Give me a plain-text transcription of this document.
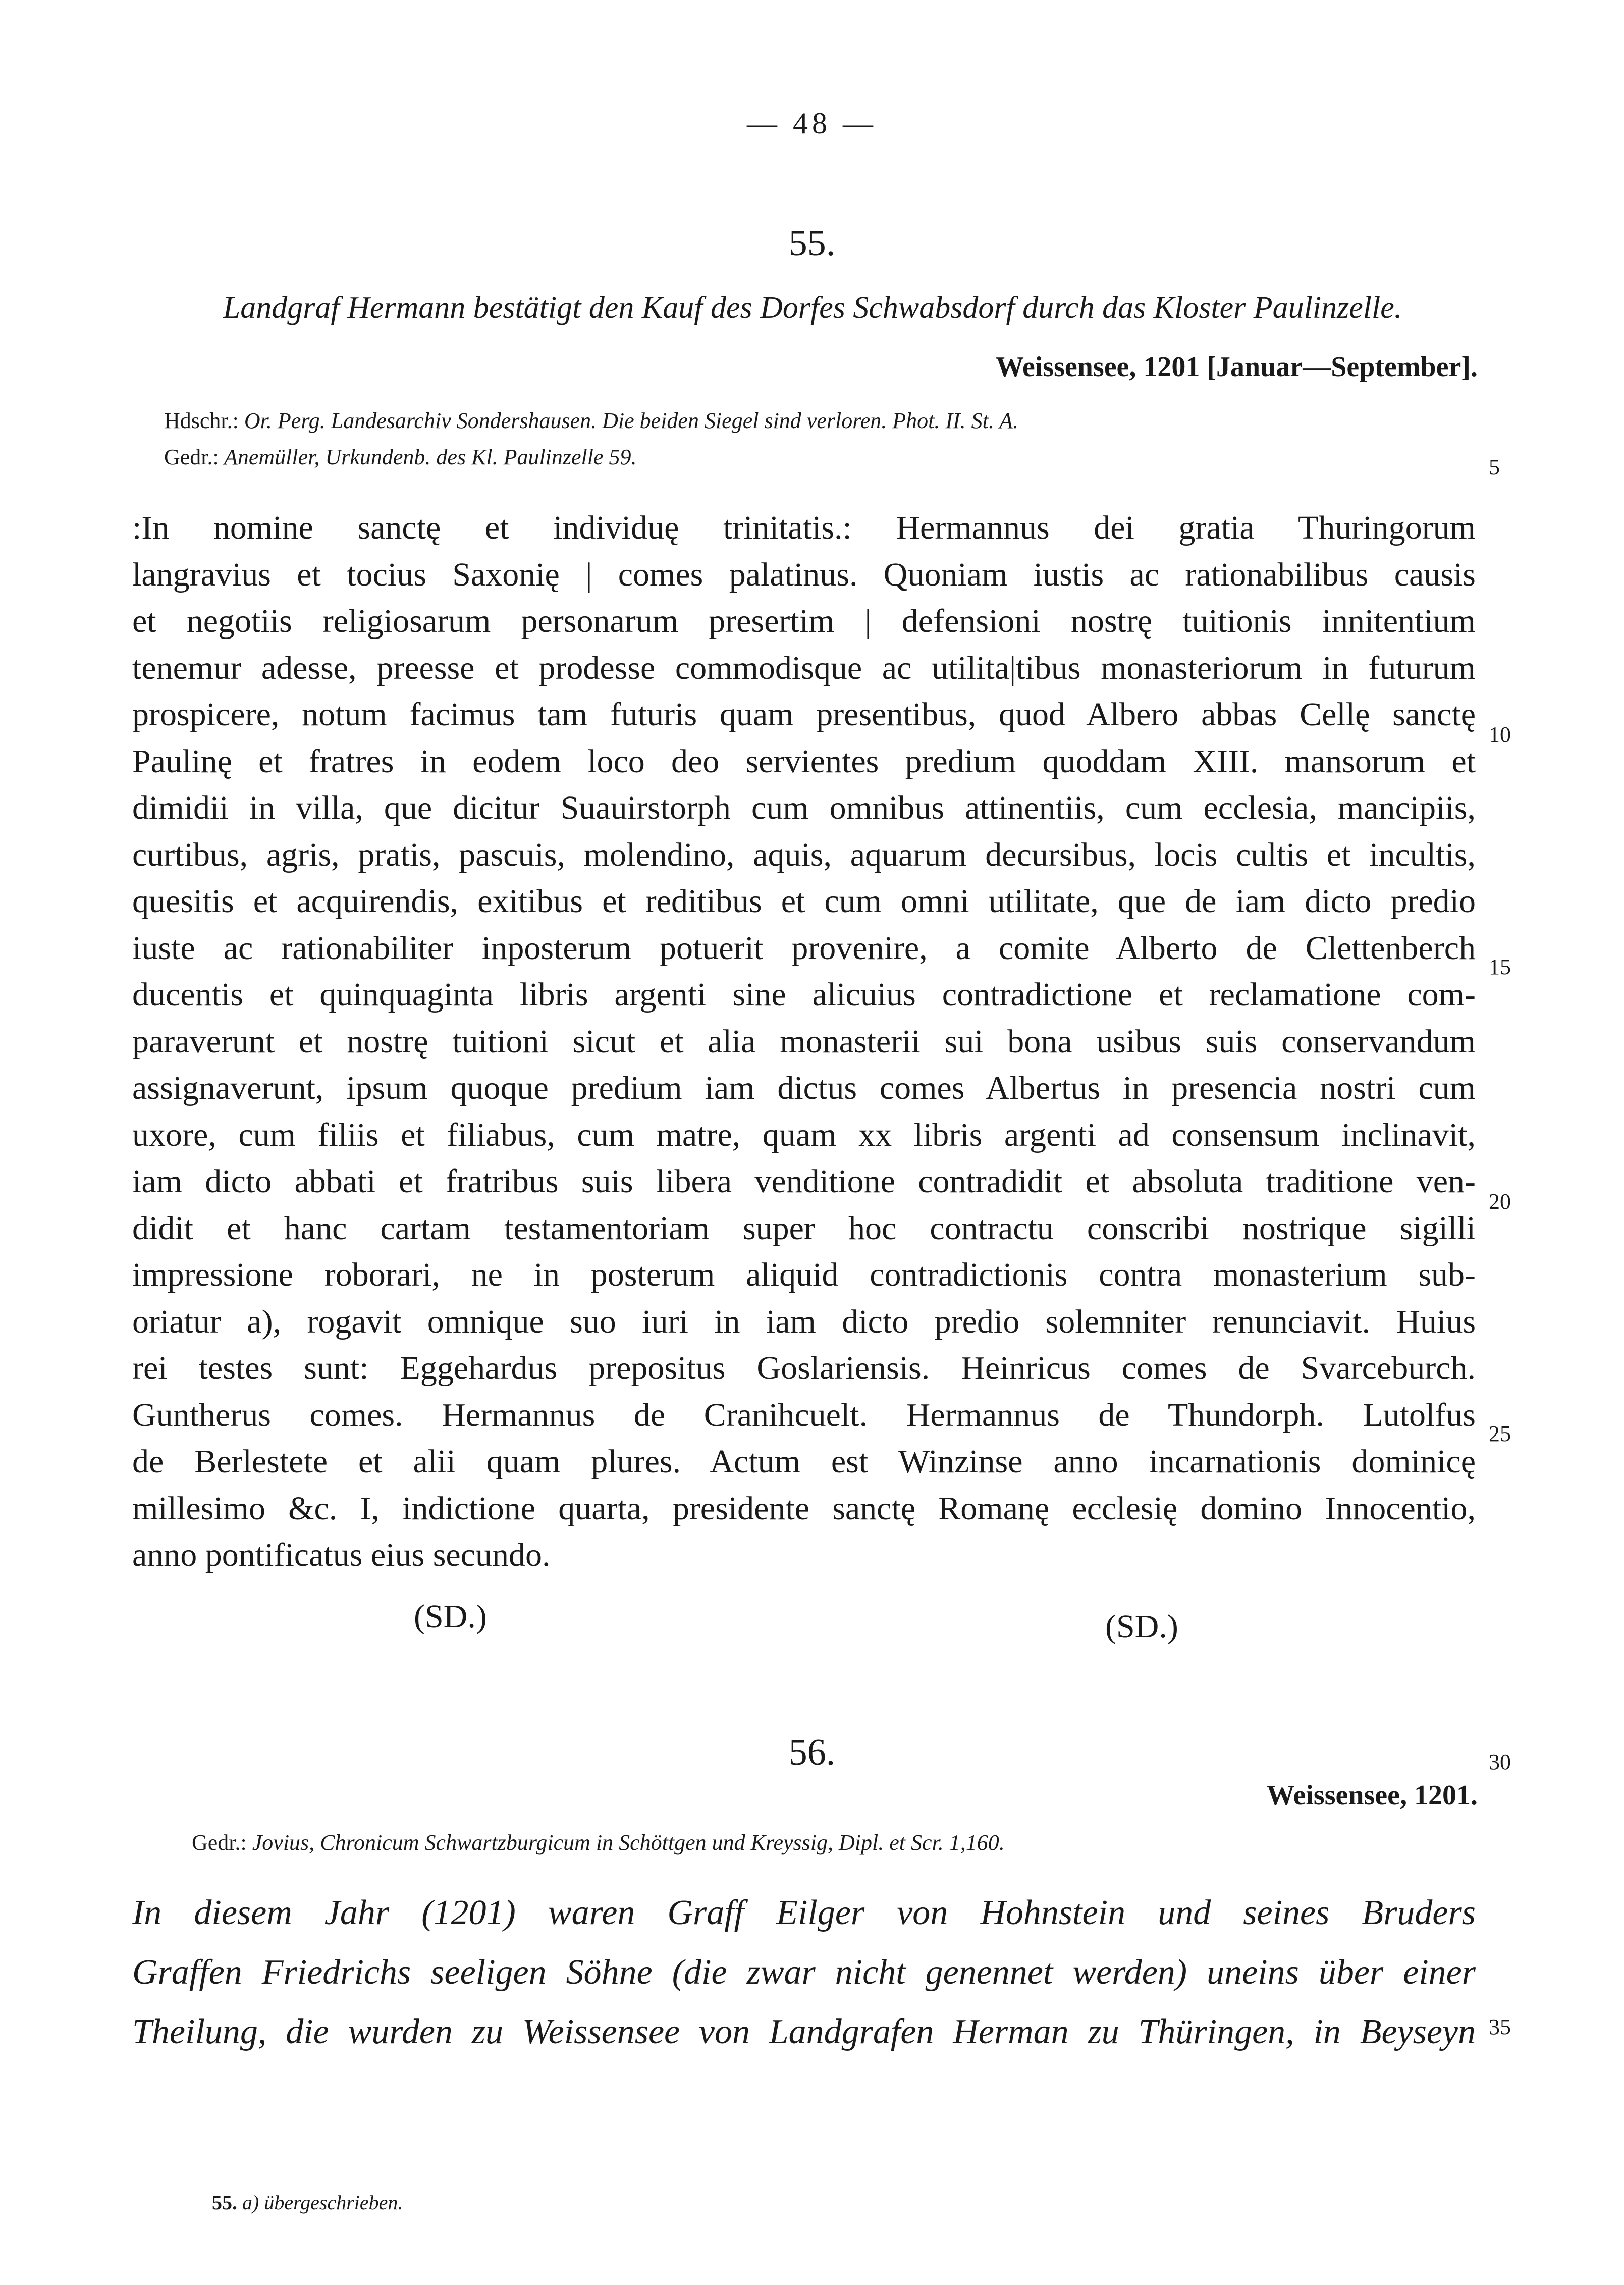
— 48 —
55.
Landgraf Hermann bestätigt den Kauf des Dorfes Schwabsdorf durch das Kloster Paulinzelle.
Weissensee, 1201 [Januar—September].
Hdschr.: Or. Perg. Landesarchiv Sondershausen. Die beiden Siegel sind verloren. Phot. II. St. A.
Gedr.: Anemüller, Urkundenb. des Kl. Paulinzelle 59.
:In nomine sanctę et individuę trinitatis.: Hermannus dei gratia Thuringorum
langravius et tocius Saxonię | comes palatinus. Quoniam iustis ac rationabilibus causis
et negotiis religiosarum personarum presertim | defensioni nostrę tuitionis innitentium
tenemur adesse, preesse et prodesse commodisque ac utilita|tibus monasteriorum in futurum
prospicere, notum facimus tam futuris quam presentibus, quod Albero abbas Cellę sanctę
Paulinę et fratres in eodem loco deo servientes predium quoddam XIII. mansorum et
dimidii in villa, que dicitur Suauirstorph cum omnibus attinentiis, cum ecclesia, mancipiis,
curtibus, agris, pratis, pascuis, molendino, aquis, aquarum decursibus, locis cultis et incultis,
quesitis et acquirendis, exitibus et reditibus et cum omni utilitate, que de iam dicto predio
iuste ac rationabiliter inposterum potuerit provenire, a comite Alberto de Clettenberch
ducentis et quinquaginta libris argenti sine alicuius contradictione et reclamatione com-
paraverunt et nostrę tuitioni sicut et alia monasterii sui bona usibus suis conservandum
assignaverunt, ipsum quoque predium iam dictus comes Albertus in presencia nostri cum
uxore, cum filiis et filiabus, cum matre, quam xx libris argenti ad consensum inclinavit,
iam dicto abbati et fratribus suis libera venditione contradidit et absoluta traditione ven-
didit et hanc cartam testamentoriam super hoc contractu conscribi nostrique sigilli
impressione roborari, ne in posterum aliquid contradictionis contra monasterium sub-
oriatur a), rogavit omnique suo iuri in iam dicto predio solemniter renunciavit. Huius
rei testes sunt: Eggehardus prepositus Goslariensis. Heinricus comes de Svarceburch.
Guntherus comes. Hermannus de Cranihcuelt. Hermannus de Thundorph. Lutolfus
de Berlestete et alii quam plures. Actum est Winzinse anno incarnationis dominicę
millesimo &c. I, indictione quarta, presidente sanctę Romanę ecclesię domino Innocentio,
anno pontificatus eius secundo.
5
10
15
20
25
(SD.)	(SD.)
56.	30
Weissensee, 1201.
Gedr.: Jovius, Chronicum Schwartzburgicum in Schöttgen und Kreyssig, Dipl. et Scr. 1,160.
In diesem Jahr (1201) waren Graff Eilger von Hohnstein und seines Bruders
Graffen Friedrichs seeligen Söhne (die zwar nicht genennet werden) uneins über einer
Theilung, die wurden zu Weissensee von Landgrafen Herman zu Thüringen, in Beyseyn 35
55. a) übergeschrieben.
